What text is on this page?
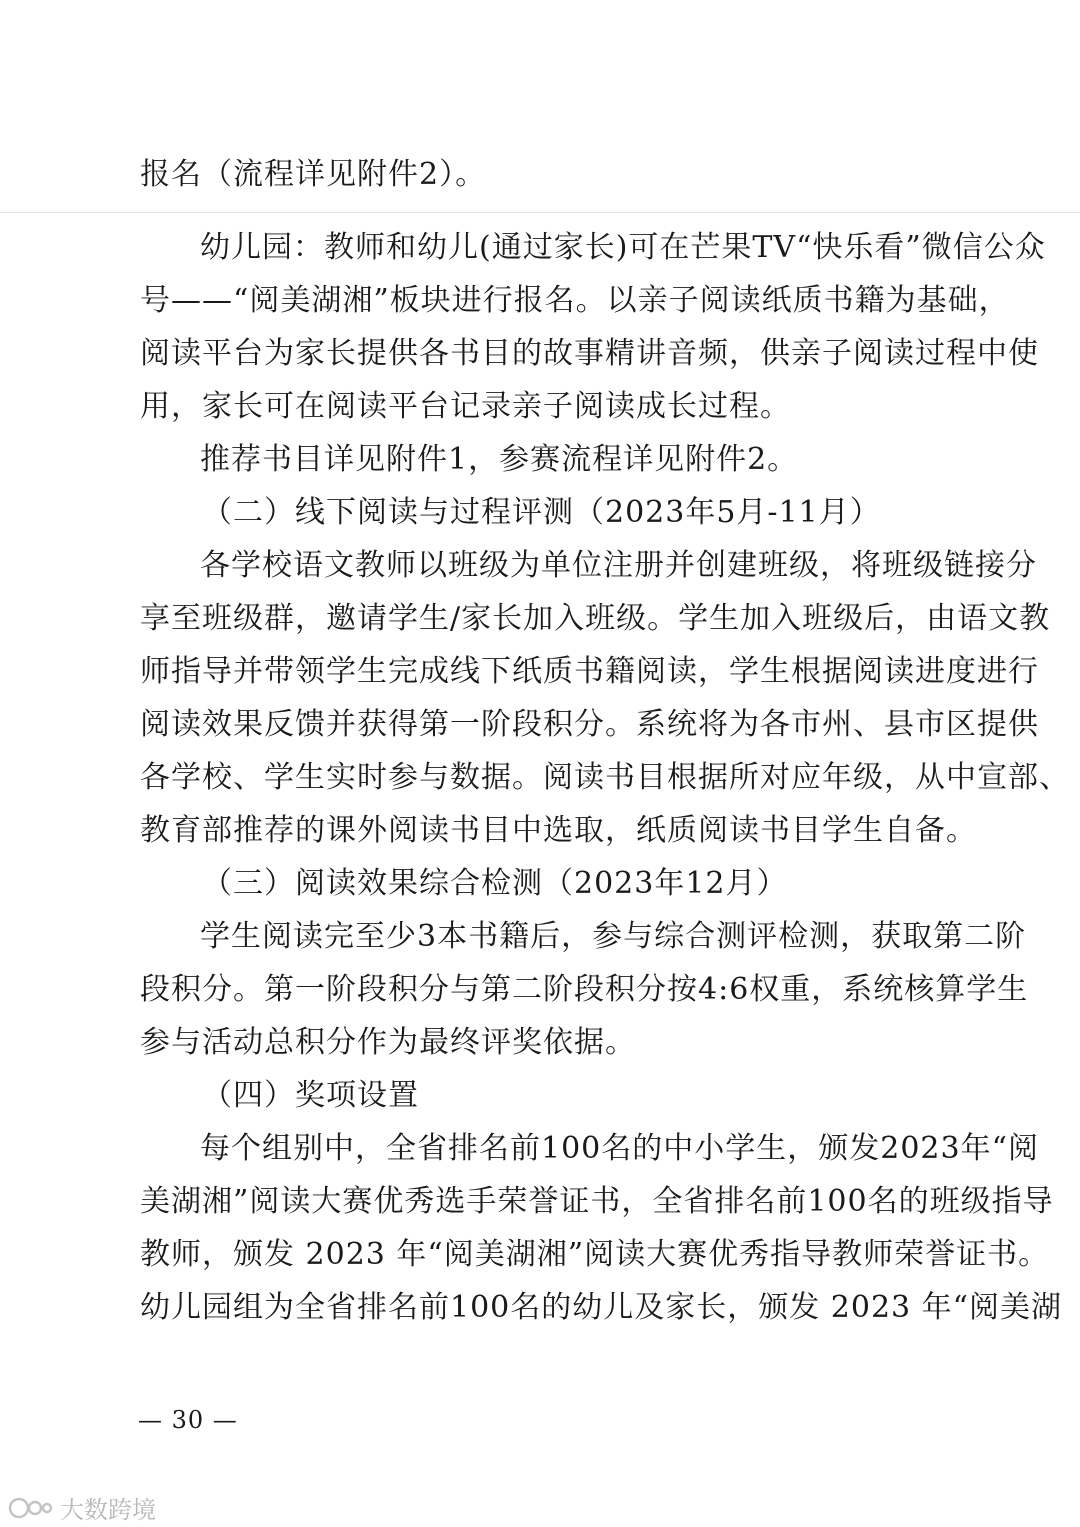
报名（流程详见附件2）。
幼儿园：教师和幼儿(通过家长)可在芒果TV“快乐看”微信公众
号——“阅美湖湘”板块进行报名。以亲子阅读纸质书籍为基础，
阅读平台为家长提供各书目的故事精讲音频，供亲子阅读过程中使
用，家长可在阅读平台记录亲子阅读成长过程。
推荐书目详见附件1，参赛流程详见附件2。
（二）线下阅读与过程评测（2023年5月-11月）
各学校语文教师以班级为单位注册并创建班级，将班级链接分
享至班级群，邀请学生/家长加入班级。学生加入班级后，由语文教
师指导并带领学生完成线下纸质书籍阅读，学生根据阅读进度进行
阅读效果反馈并获得第一阶段积分。系统将为各市州、县市区提供
各学校、学生实时参与数据。阅读书目根据所对应年级，从中宣部、
教育部推荐的课外阅读书目中选取，纸质阅读书目学生自备。
（三）阅读效果综合检测（2023年12月）
学生阅读完至少3本书籍后，参与综合测评检测，获取第二阶
段积分。第一阶段积分与第二阶段积分按4:6权重，系统核算学生
参与活动总积分作为最终评奖依据。
（四）奖项设置
每个组别中，全省排名前100名的中小学生，颁发2023年“阅
美湖湘”阅读大赛优秀选手荣誉证书，全省排名前100名的班级指导
教师，颁发 2023 年“阅美湖湘”阅读大赛优秀指导教师荣誉证书。
幼儿园组为全省排名前100名的幼儿及家长，颁发 2023 年“阅美湖
— 30 —
大数跨境
